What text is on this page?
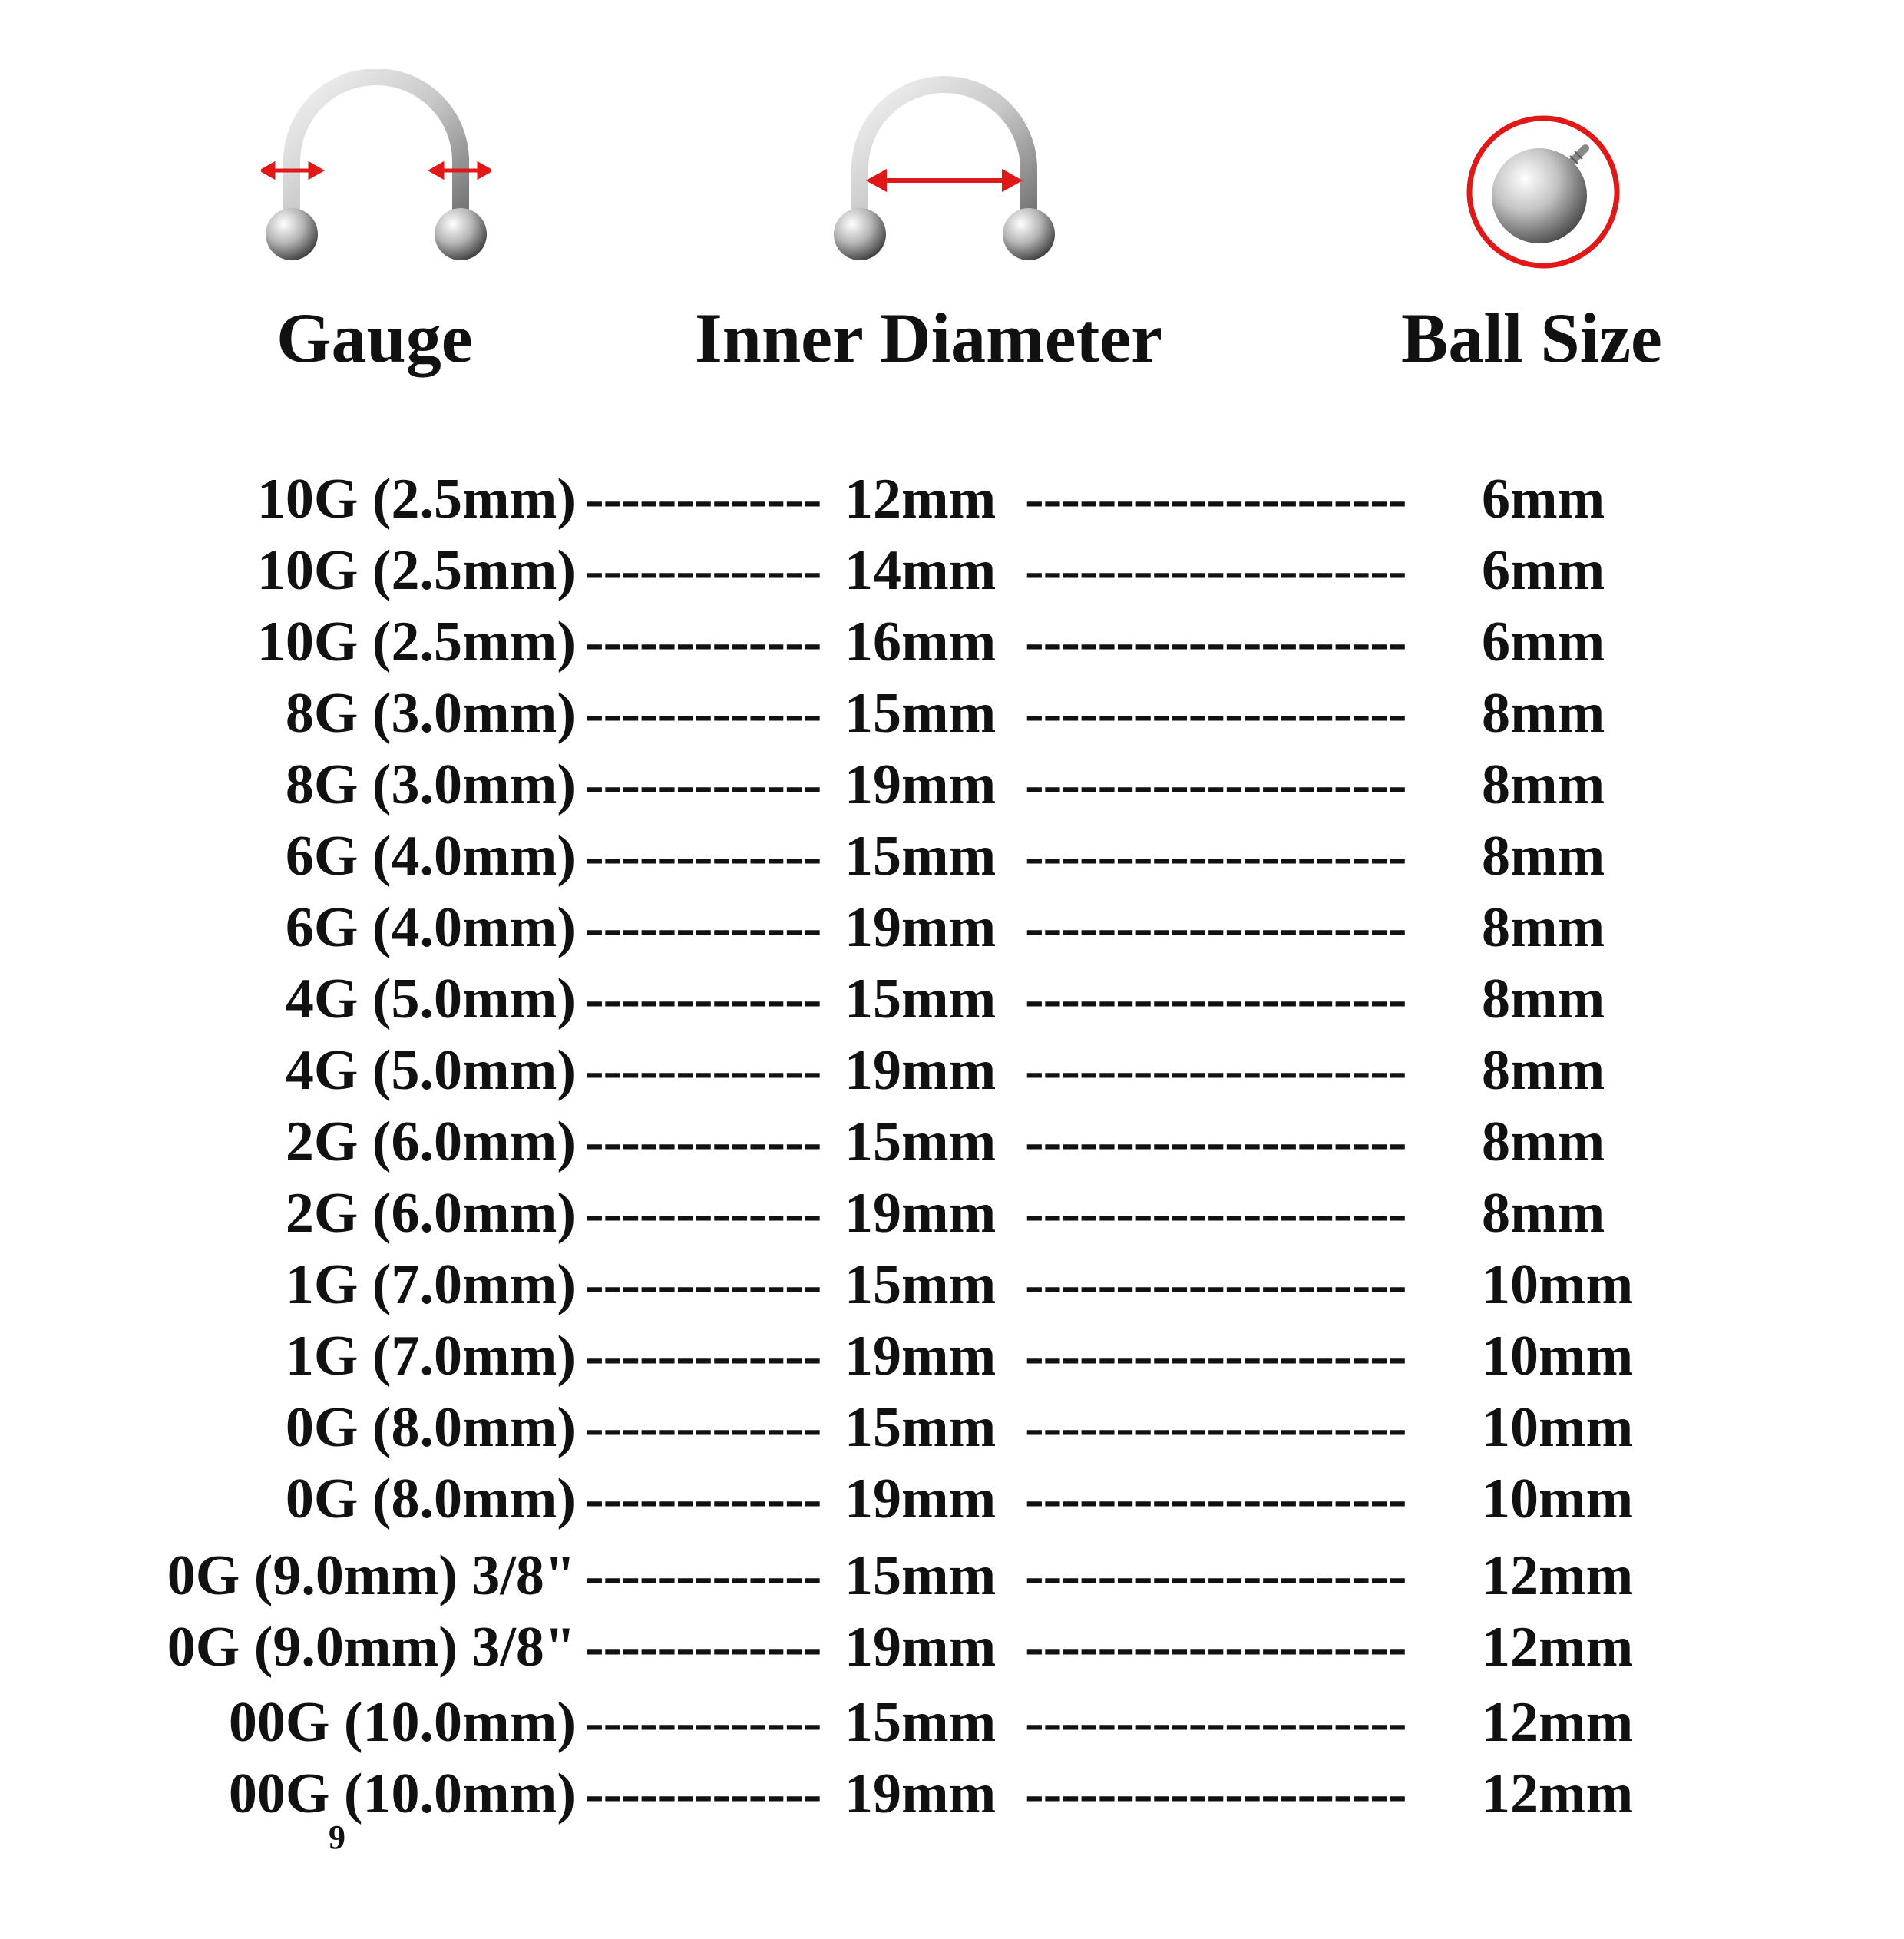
Gauge	Inner Diameter	Ball Size
10G (2.5mm) ------------- 12mm --------------------- 6mm
10G (2.5mm) ------------- 14mm --------------------- 6mm
10G (2.5mm) ------------- 16mm --------------------- 6mm
8G (3.0mm) ------------- 15mm --------------------- 8mm
8G (3.0mm) ------------- 19mm --------------------- 8mm
6G (4.0mm) ------------- 15mm --------------------- 8mm
6G (4.0mm) ------------- 19mm --------------------- 8mm
4G (5.0mm) ------------- 15mm --------------------- 8mm
4G (5.0mm) ------------- 19mm --------------------- 8mm
2G (6.0mm) ------------- 15mm --------------------- 8mm
2G (6.0mm) ------------- 19mm --------------------- 8mm
1G (7.0mm) ------------- 15mm --------------------- 10mm
1G (7.0mm) ------------- 19mm --------------------- 10mm
0G (8.0mm) ------------- 15mm --------------------- 10mm
0G (8.0mm) ------------- 19mm --------------------- 10mm
0G (9.0mm) 3/8" ------------- 15mm --------------------- 12mm
0G (9.0mm) 3/8" ------------- 19mm --------------------- 12mm
00G (10.0mm) ------------- 15mm --------------------- 12mm
00G (10.0mm) ------------- 19mm --------------------- 12mm
9
